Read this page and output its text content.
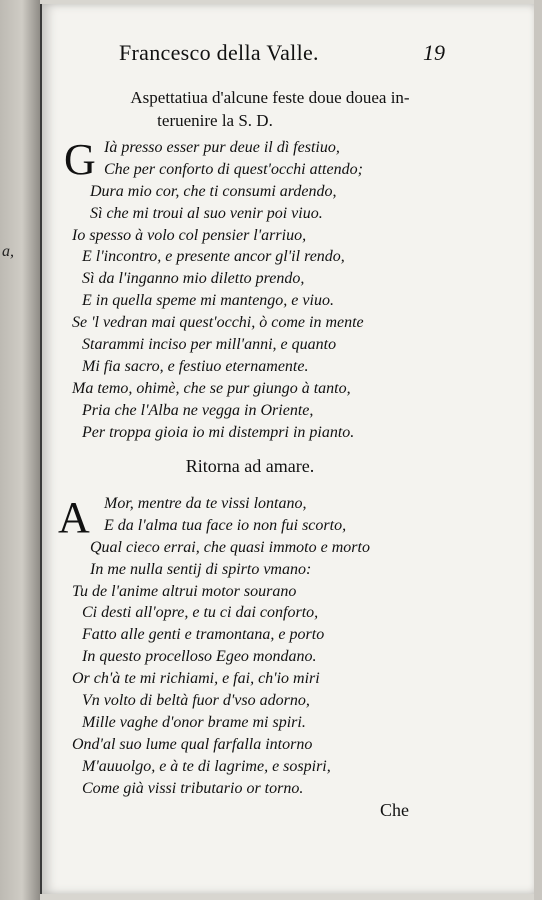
a,
Francesco della Valle.	19
Aspettatiua d'alcune feste doue douea in-
teruenire la S. D.
G Ià presso esser pur deue il dì festiuo,
Che per conforto di quest'occhi attendo;
Dura mio cor, che ti consumi ardendo,
Sì che mi troui al suo venir poi viuo.
Io spesso à volo col pensier l'arriuo,
E l'incontro, e presente ancor gl'il rendo,
Sì da l'inganno mio diletto prendo,
E in quella speme mi mantengo, e viuo.
Se 'l vedran mai quest'occhi, ò come in mente
Starammi inciso per mill'anni, e quanto
Mi fia sacro, e festiuo eternamente.
Ma temo, ohimè, che se pur giungo à tanto,
Pria che l'Alba ne vegga in Oriente,
Per troppa gioia io mi distempri in pianto.
Ritorna ad amare.
A Mor, mentre da te vissi lontano,
E da l'alma tua face io non fui scorto,
Qual cieco errai, che quasi immoto e morto
In me nulla sentij di spirto vmano:
Tu de l'anime altrui motor sourano
Ci desti all'opre, e tu ci dai conforto,
Fatto alle genti e tramontana, e porto
In questo procelloso Egeo mondano.
Or ch'à te mi richiami, e fai, ch'io miri
Vn volto di beltà fuor d'vso adorno,
Mille vaghe d'onor brame mi spiri.
Ond'al suo lume qual farfalla intorno
M'auuolgo, e à te di lagrime, e sospiri,
Come già vissi tributario or torno.
Che
